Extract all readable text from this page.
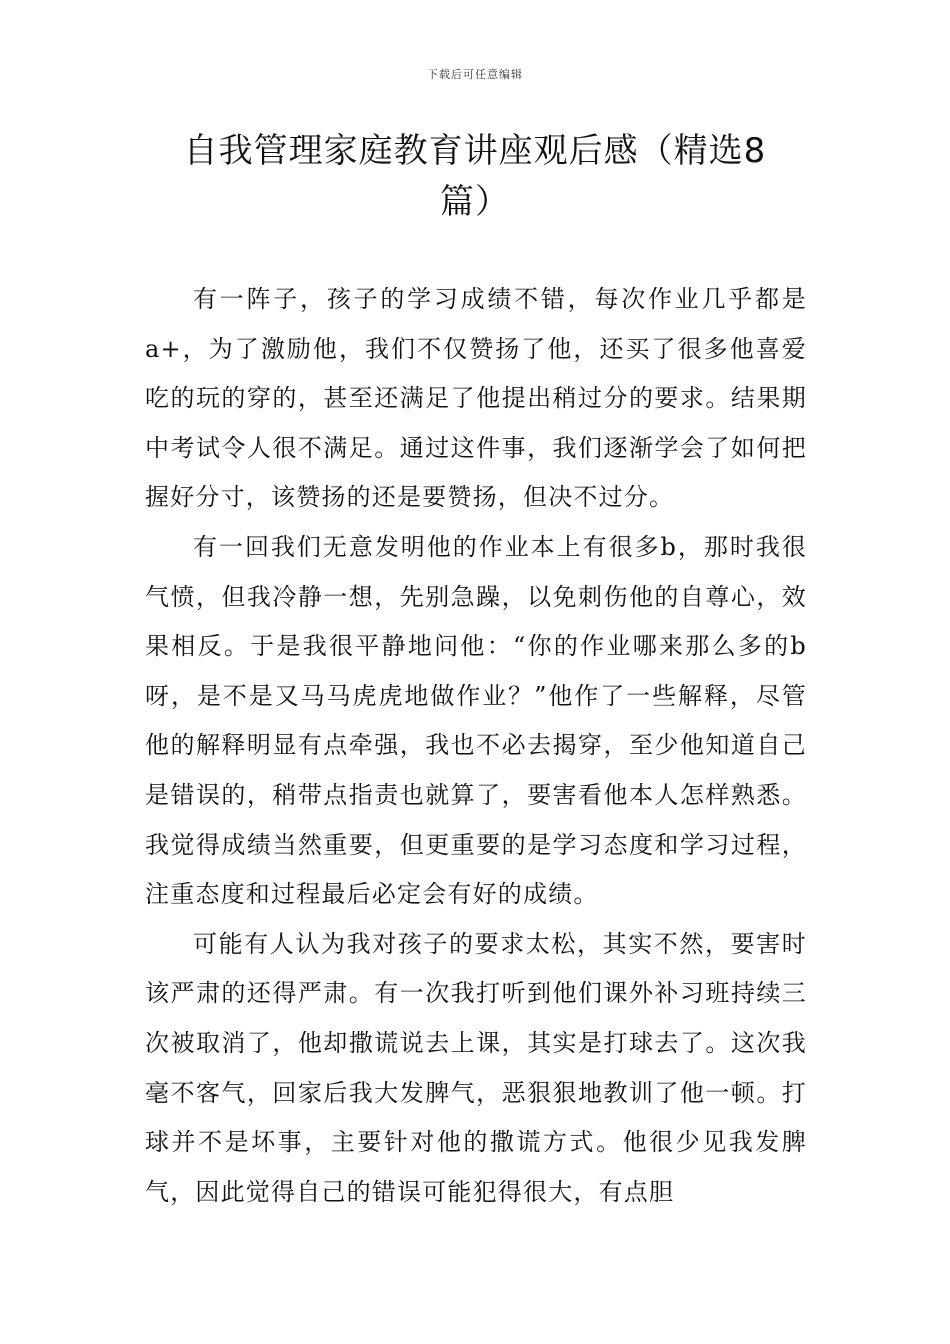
下载后可任意编辑
自我管理家庭教育讲座观后感（精选8篇）

有一阵子，孩子的学习成绩不错，每次作业几乎都是a+，为了激励他，我们不仅赞扬了他，还买了很多他喜爱吃的玩的穿的，甚至还满足了他提出稍过分的要求。结果期中考试令人很不满足。通过这件事，我们逐渐学会了如何把握好分寸，该赞扬的还是要赞扬，但决不过分。

有一回我们无意发明他的作业本上有很多b，那时我很气愤，但我冷静一想，先别急躁，以免刺伤他的自尊心，效果相反。于是我很平静地问他：“你的作业哪来那么多的b呀，是不是又马马虎虎地做作业？”他作了一些解释，尽管他的解释明显有点牵强，我也不必去揭穿，至少他知道自己是错误的，稍带点指责也就算了，要害看他本人怎样熟悉。我觉得成绩当然重要，但更重要的是学习态度和学习过程，注重态度和过程最后必定会有好的成绩。

可能有人认为我对孩子的要求太松，其实不然，要害时该严肃的还得严肃。有一次我打听到他们课外补习班持续三次被取消了，他却撒谎说去上课，其实是打球去了。这次我毫不客气，回家后我大发脾气，恶狠狠地教训了他一顿。打球并不是坏事，主要针对他的撒谎方式。他很少见我发脾气，因此觉得自己的错误可能犯得很大，有点胆
